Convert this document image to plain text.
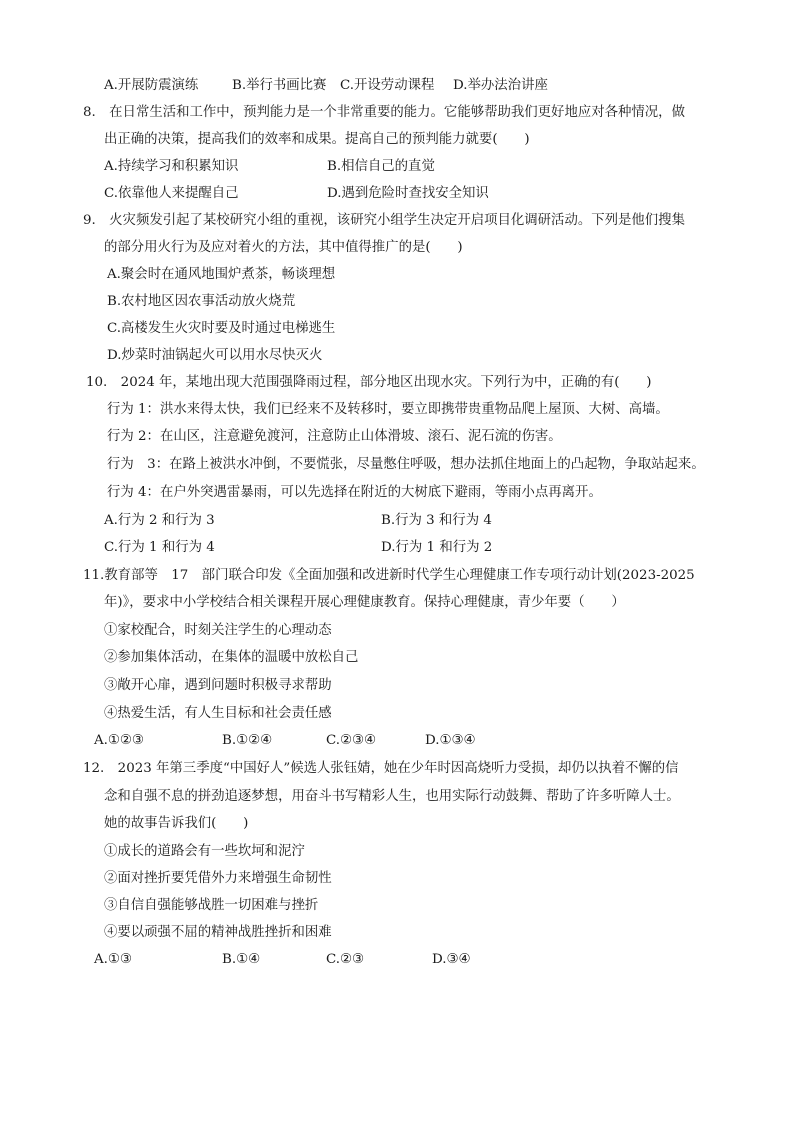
A.开展防震演练	B.举行书画比赛 C.开设劳动课程 D.举办法治讲座
8.　在日常生活和工作中，预判能力是一个非常重要的能力。它能够帮助我们更好地应对各种情况，做
出正确的决策，提高我们的效率和成果。提高自己的预判能力就要(　　)
A.持续学习和积累知识	B.相信自己的直觉
C.依靠他人来提醒自己	D.遇到危险时查找安全知识
9.　火灾频发引起了某校研究小组的重视，该研究小组学生决定开启项目化调研活动。下列是他们搜集
的部分用火行为及应对着火的方法，其中值得推广的是(　　)
A.聚会时在通风地围炉煮茶，畅谈理想
B.农村地区因农事活动放火烧荒
C.高楼发生火灾时要及时通过电梯逃生
D.炒菜时油锅起火可以用水尽快灭火
10.　2024 年，某地出现大范围强降雨过程，部分地区出现水灾。下列行为中，正确的有(　　)
行为 1：洪水来得太快，我们已经来不及转移时，要立即携带贵重物品爬上屋顶、大树、高墙。
行为 2：在山区，注意避免渡河，注意防止山体滑坡、滚石、泥石流的伤害。
行为　3：在路上被洪水冲倒，不要慌张，尽量憋住呼吸，想办法抓住地面上的凸起物，争取站起来。
行为 4：在户外突遇雷暴雨，可以先选择在附近的大树底下避雨，等雨小点再离开。
A.行为 2 和行为 3	B.行为 3 和行为 4
C.行为 1 和行为 4	D.行为 1 和行为 2
11.教育部等　17　部门联合印发《全面加强和改进新时代学生心理健康工作专项行动计划(2023-2025
年)》，要求中小学校结合相关课程开展心理健康教育。保持心理健康，青少年要（　　）
①家校配合，时刻关注学生的心理动态
②参加集体活动，在集体的温暖中放松自己
③敞开心扉，遇到问题时积极寻求帮助
④热爱生活，有人生目标和社会责任感
A.①②③	B.①②④	C.②③④	D.①③④
12.　2023 年第三季度“中国好人”候选人张钰婧，她在少年时因高烧听力受损，却仍以执着不懈的信
念和自强不息的拼劲追逐梦想，用奋斗书写精彩人生，也用实际行动鼓舞、帮助了许多听障人士。
她的故事告诉我们(　　)
①成长的道路会有一些坎坷和泥泞
②面对挫折要凭借外力来增强生命韧性
③自信自强能够战胜一切困难与挫折
④要以顽强不屈的精神战胜挫折和困难
A.①③	B.①④	C.②③	D.③④
